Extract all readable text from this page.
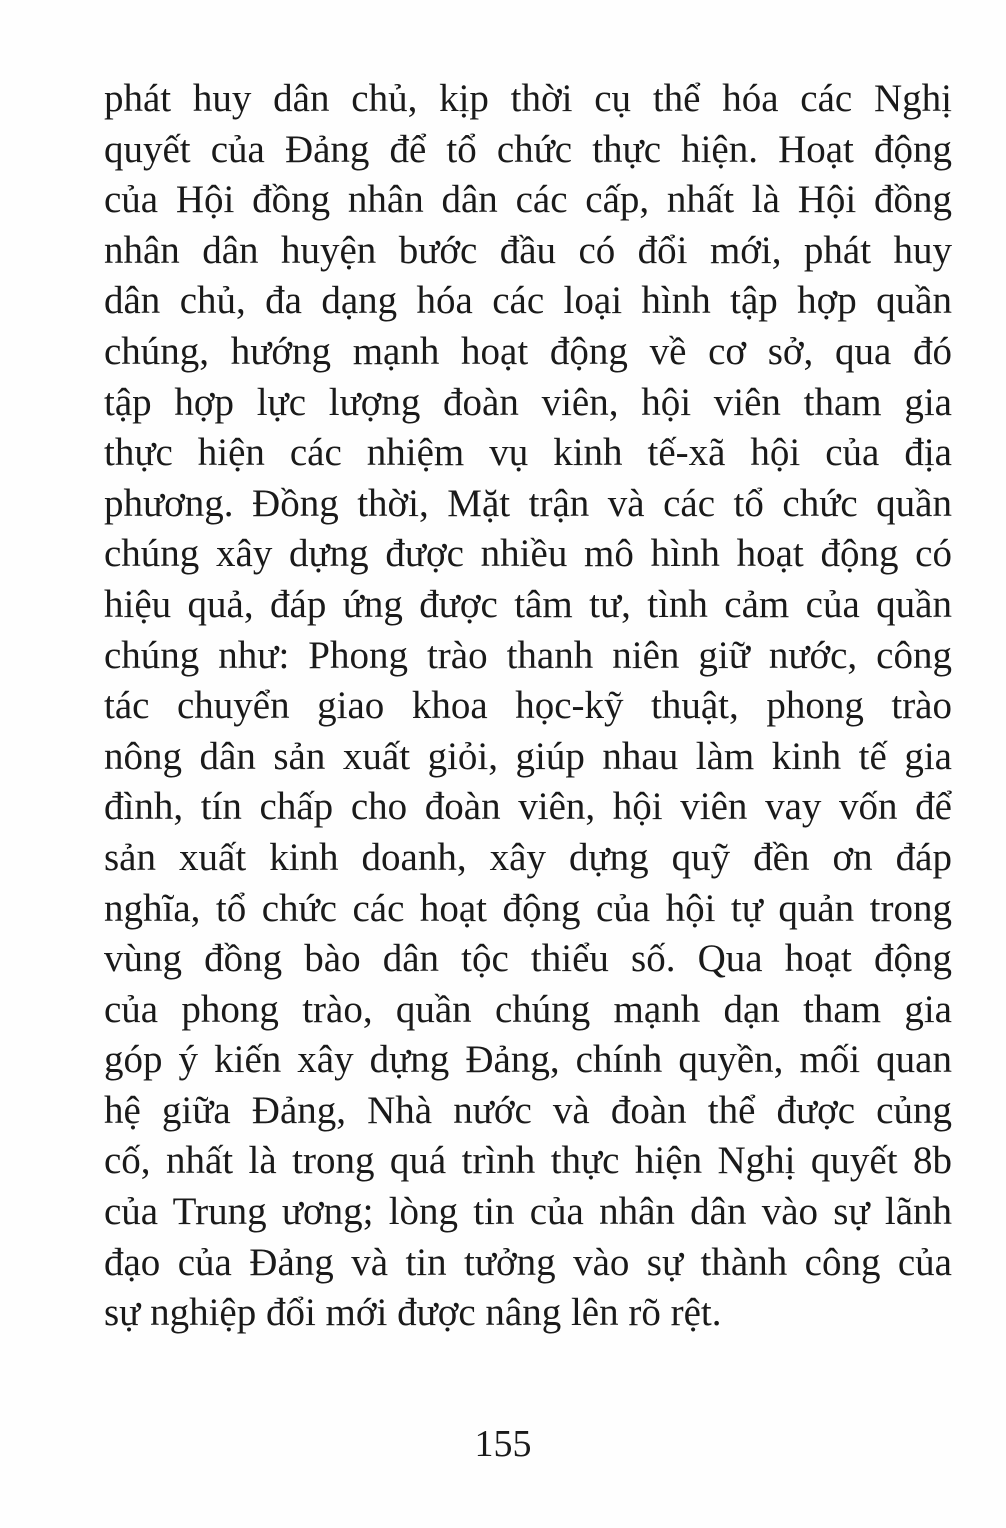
phát huy dân chủ, kịp thời cụ thể hóa các Nghị
quyết của Đảng để tổ chức thực hiện. Hoạt động
của Hội đồng nhân dân các cấp, nhất là Hội đồng
nhân dân huyện bước đầu có đổi mới, phát huy
dân chủ, đa dạng hóa các loại hình tập hợp quần
chúng, hướng mạnh hoạt động về cơ sở, qua đó
tập hợp lực lượng đoàn viên, hội viên tham gia
thực hiện các nhiệm vụ kinh tế-xã hội của địa
phương. Đồng thời, Mặt trận và các tổ chức quần
chúng xây dựng được nhiều mô hình hoạt động có
hiệu quả, đáp ứng được tâm tư, tình cảm của quần
chúng như: Phong trào thanh niên giữ nước, công
tác chuyển giao khoa học-kỹ thuật, phong trào
nông dân sản xuất giỏi, giúp nhau làm kinh tế gia
đình, tín chấp cho đoàn viên, hội viên vay vốn để
sản xuất kinh doanh, xây dựng quỹ đền ơn đáp
nghĩa, tổ chức các hoạt động của hội tự quản trong
vùng đồng bào dân tộc thiểu số. Qua hoạt động
của phong trào, quần chúng mạnh dạn tham gia
góp ý kiến xây dựng Đảng, chính quyền, mối quan
hệ giữa Đảng, Nhà nước và đoàn thể được củng
cố, nhất là trong quá trình thực hiện Nghị quyết 8b
của Trung ương; lòng tin của nhân dân vào sự lãnh
đạo của Đảng và tin tưởng vào sự thành công của
sự nghiệp đổi mới được nâng lên rõ rệt.

155
